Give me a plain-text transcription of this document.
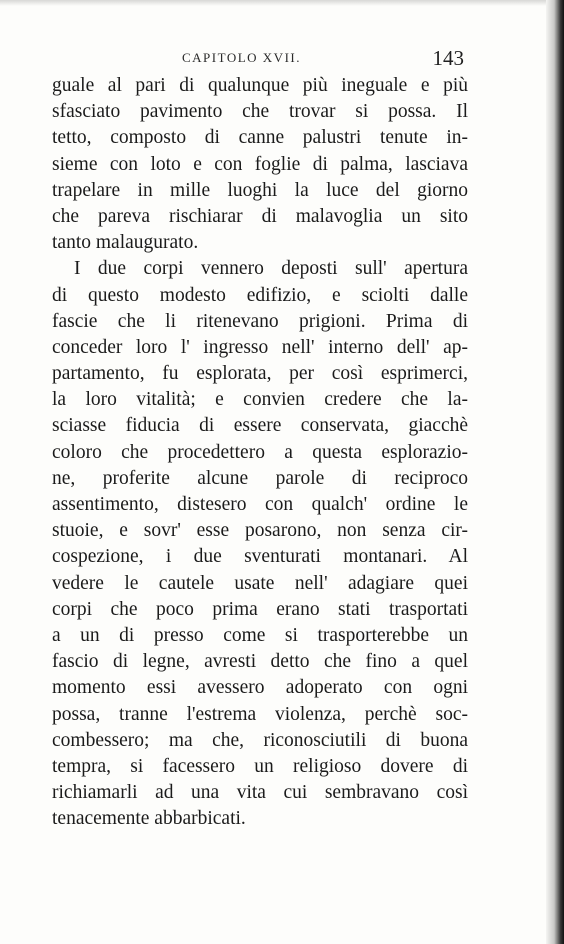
CAPITOLO XVII.	143
guale al pari di qualunque più ineguale e più
sfasciato pavimento che trovar si possa. Il
tetto, composto di canne palustri tenute in-
sieme con loto e con foglie di palma, lasciava
trapelare in mille luoghi la luce del giorno
che pareva rischiarar di malavoglia un sito
tanto malaugurato.
I due corpi vennero deposti sull' apertura
di questo modesto edifizio, e sciolti dalle
fascie che li ritenevano prigioni. Prima di
conceder loro l' ingresso nell' interno dell' ap-
partamento, fu esplorata, per così esprimerci,
la loro vitalità; e convien credere che la-
sciasse fiducia di essere conservata, giacchè
coloro che procedettero a questa esplorazio-
ne, proferite alcune parole di reciproco
assentimento, distesero con qualch' ordine le
stuoie, e sovr' esse posarono, non senza cir-
cospezione, i due sventurati montanari. Al
vedere le cautele usate nell' adagiare quei
corpi che poco prima erano stati trasportati
a un di presso come si trasporterebbe un
fascio di legne, avresti detto che fino a quel
momento essi avessero adoperato con ogni
possa, tranne l'estrema violenza, perchè soc-
combessero; ma che, riconosciutili di buona
tempra, si facessero un religioso dovere di
richiamarli ad una vita cui sembravano così
tenacemente abbarbicati.
